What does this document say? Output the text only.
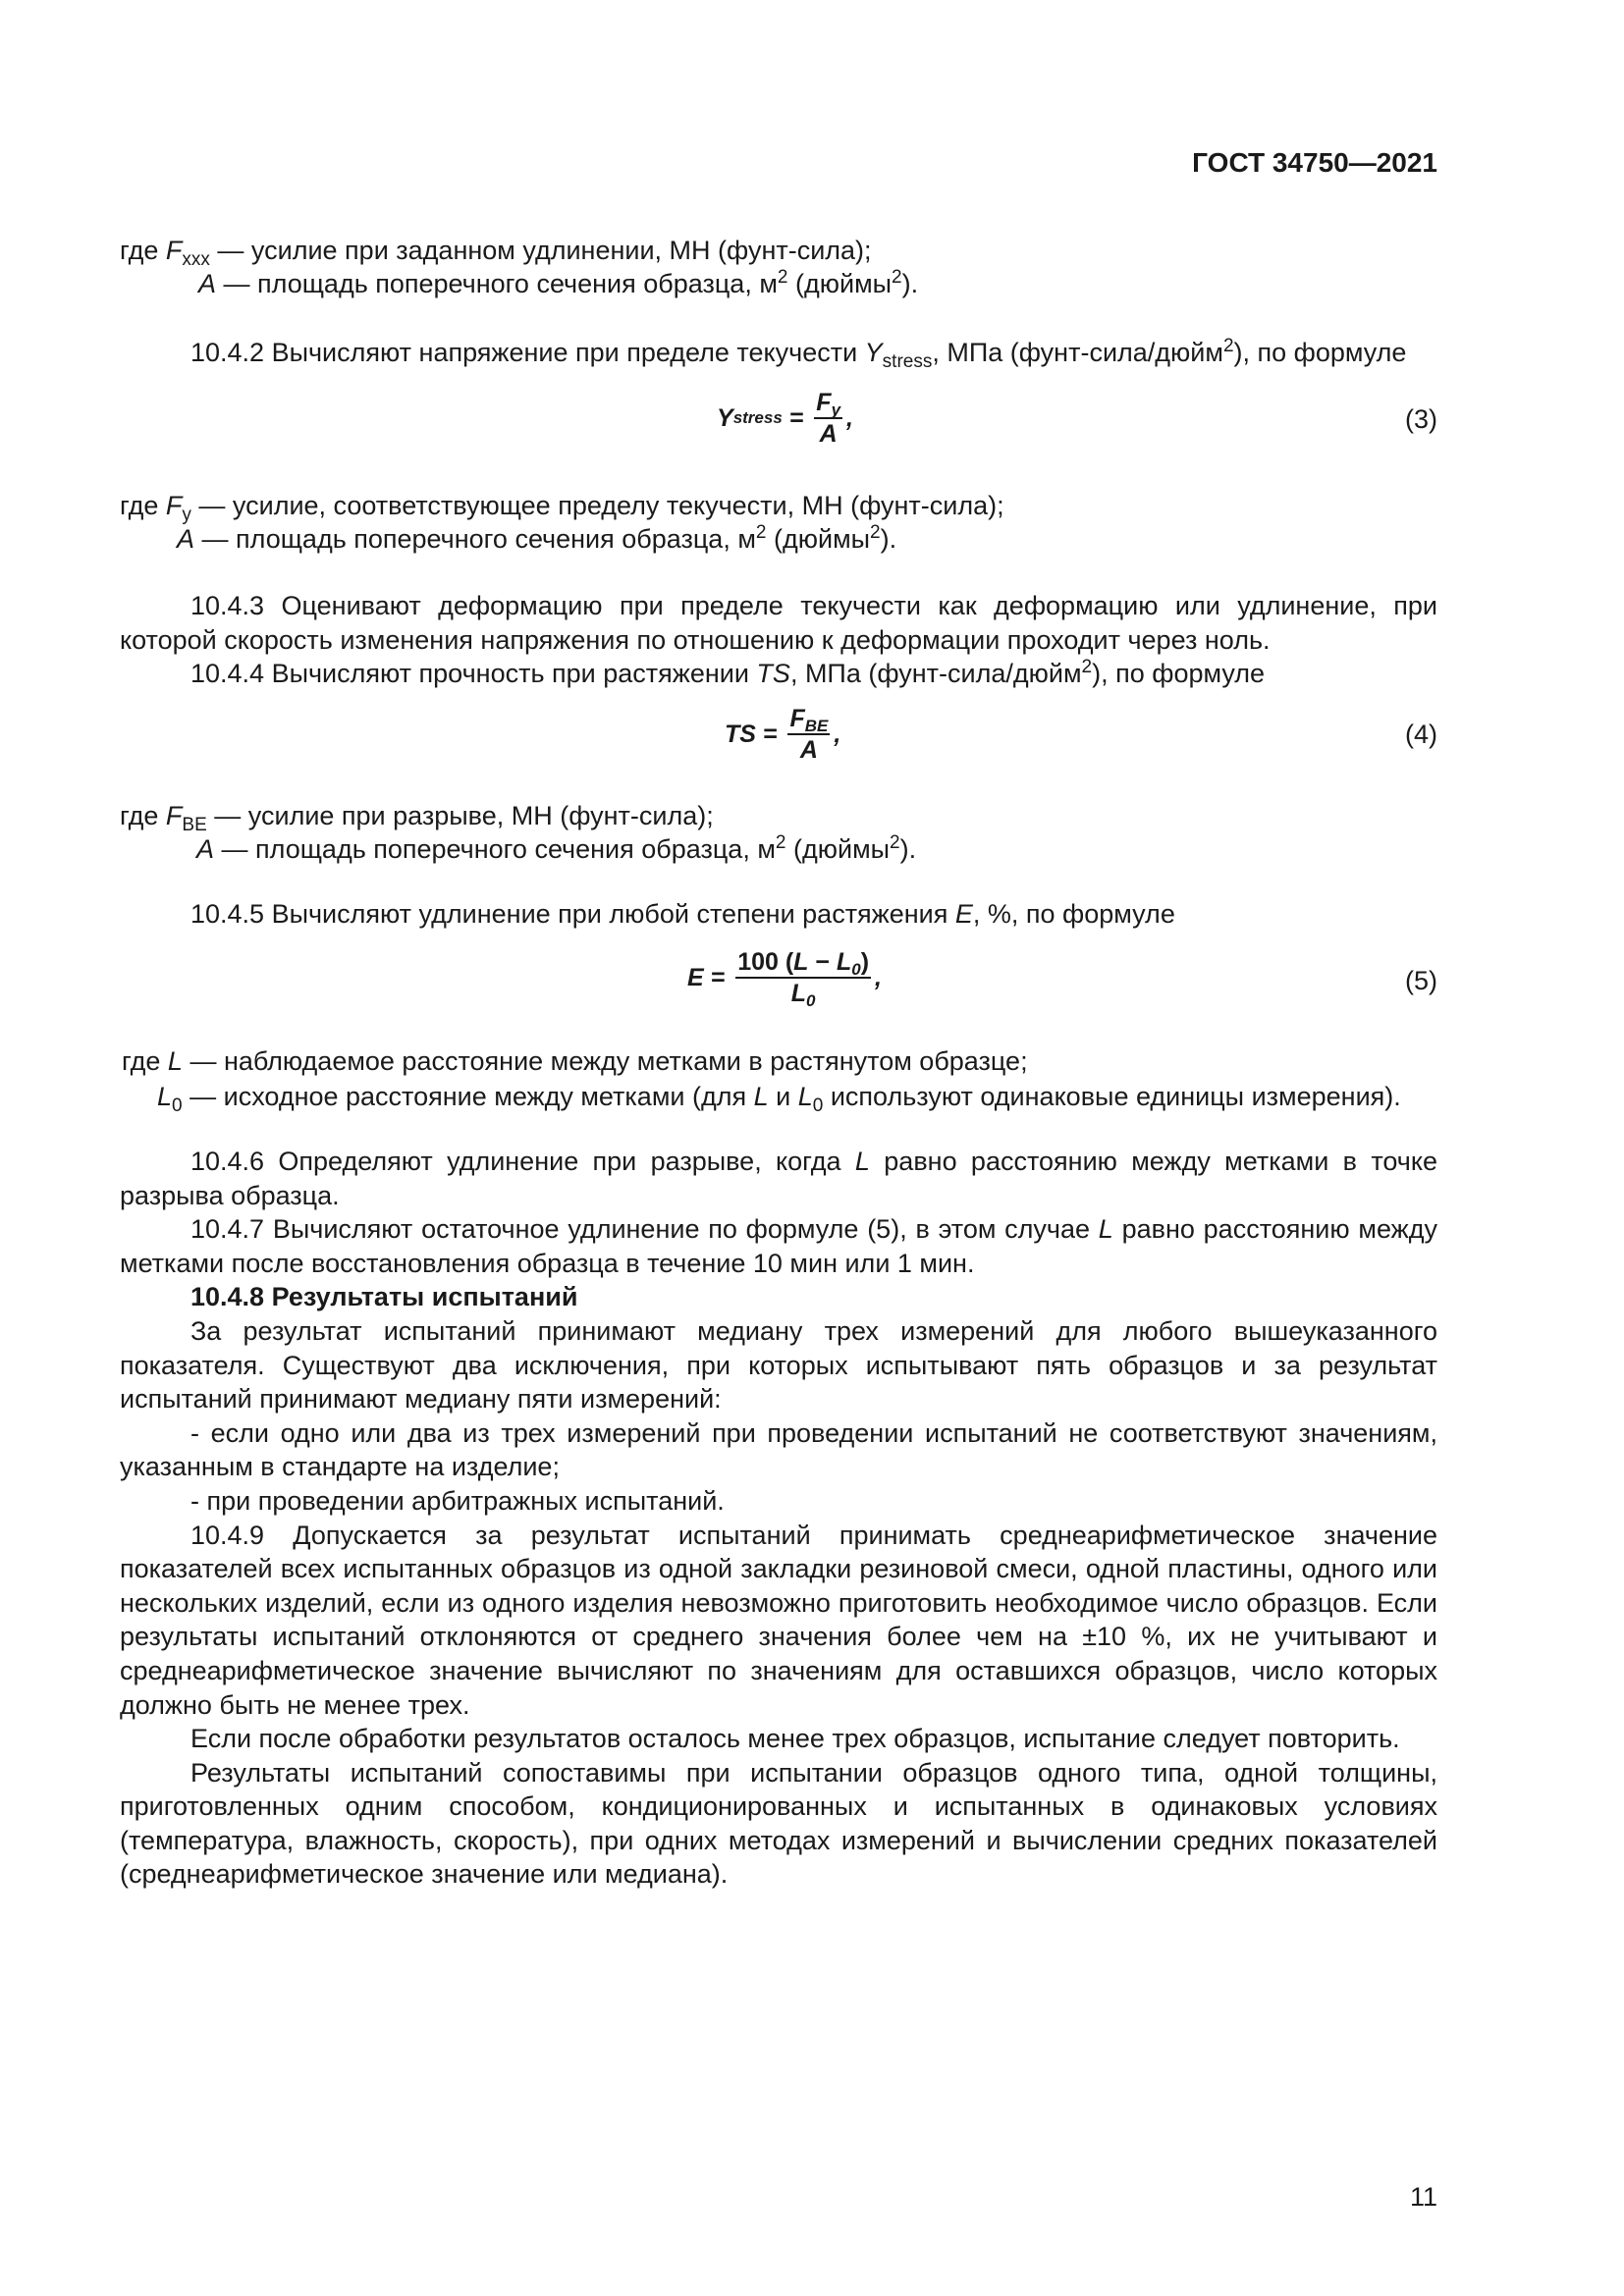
ГОСТ 34750—2021
где $F_{xxx}$ — усилие при заданном удлинении, МН (фунт-сила);
A — площадь поперечного сечения образца, $м^2$ (дюймы$^2$).
10.4.2 Вычисляют напряжение при пределе текучести $Y_{stress}$, МПа (фунт-сила/дюйм$^2$), по формуле
Y stress = $\frac{F_y}{A}$ ,	(3)
где $F_y$ — усилие, соответствующее пределу текучести, МН (фунт-сила);
A — площадь поперечного сечения образца, $м^2$ (дюймы$^2$).

10.4.3 Оценивают деформацию при пределе текучести как деформацию или удлинение, при которой скорость изменения напряжения по отношению к деформации проходит через ноль.

10.4.4 Вычисляют прочность при растяжении TS, МПа (фунт-сила/дюйм$^2$), по формуле

TS = $\frac{F_{BE}}{A}$ ,	(4)
где $F_{BE}$ — усилие при разрыве, МН (фунт-сила);
A — площадь поперечного сечения образца, $м^2$ (дюймы$^2$).
10.4.5 Вычисляют удлинение при любой степени растяжения E, %, по формуле
$E = \frac{100 (L - L_0)}{L_0}$ ,	(5)
где L — наблюдаемое расстояние между метками в растянутом образце;
$L_0$ — исходное расстояние между метками (для L и $L_0$ используют одинаковые единицы измерения).

10.4.6 Определяют удлинение при разрыве, когда L равно расстоянию между метками в точке разрыва образца.

10.4.7 Вычисляют остаточное удлинение по формуле (5), в этом случае L равно расстоянию между метками после восстановления образца в течение 10 мин или 1 мин.

10.4.8 Результаты испытаний

За результат испытаний принимают медиану трех измерений для любого вышеуказанного показателя. Существуют два исключения, при которых испытывают пять образцов и за результат испытаний принимают медиану пяти измерений:

- если одно или два из трех измерений при проведении испытаний не соответствуют значениям, указанным в стандарте на изделие;

- при проведении арбитражных испытаний.

10.4.9 Допускается за результат испытаний принимать среднеарифметическое значение показателей всех испытанных образцов из одной закладки резиновой смеси, одной пластины, одного или нескольких изделий, если из одного изделия невозможно приготовить необходимое число образцов. Если результаты испытаний отклоняются от среднего значения более чем на ±10 %, их не учитывают и среднеарифметическое значение вычисляют по значениям для оставшихся образцов, число которых должно быть не менее трех.

Если после обработки результатов осталось менее трех образцов, испытание следует повторить.

Результаты испытаний сопоставимы при испытании образцов одного типа, одной толщины, приготовленных одним способом, кондиционированных и испытанных в одинаковых условиях (температура, влажность, скорость), при одних методах измерений и вычислении средних показателей (среднеарифметическое значение или медиана).

11
